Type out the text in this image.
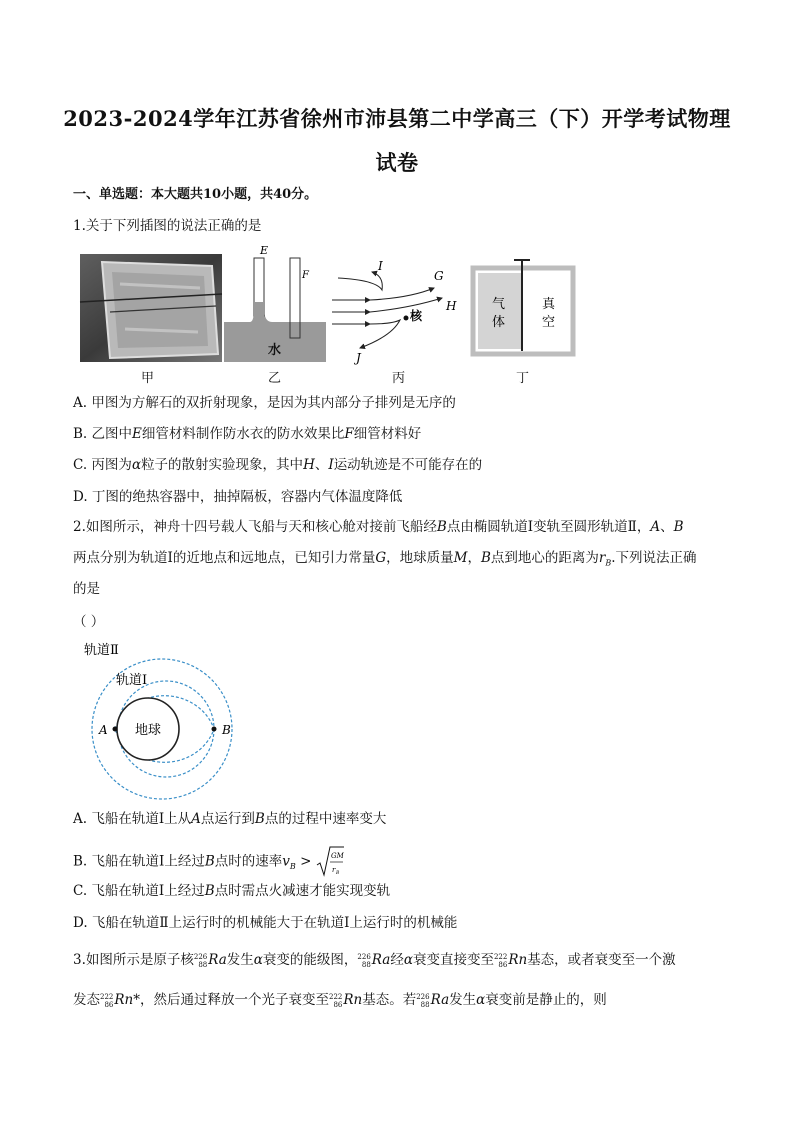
2023-2024学年江苏省徐州市沛县第二中学高三（下）开学考试物理
试卷
一、单选题：本大题共10小题，共40分。
1.关于下列插图的说法正确的是
甲
E
F
水
乙
I
G
H
J
核
丙
气
体
真
空
丁
A. 甲图为方解石的双折射现象，是因为其内部分子排列是无序的
B. 乙图中E细管材料制作防水衣的防水效果比F细管材料好
C. 丙图为α粒子的散射实验现象，其中H、I运动轨迹是不可能存在的
D. 丁图的绝热容器中，抽掉隔板，容器内气体温度降低
2.如图所示，神舟十四号载人飞船与天和核心舱对接前飞船经B点由椭圆轨道Ⅰ变轨至圆形轨道Ⅱ，A、B
两点分别为轨道Ⅰ的近地点和远地点，已知引力常量G，地球质量M，B点到地心的距离为$r_B$.下列说法正确
的是
（ ）
轨道Ⅱ
轨道Ⅰ
地球
A	B
A. 飞船在轨道Ⅰ上从A点运行到B点的过程中速率变大
B. 飞船在轨道Ⅰ上经过B点时的速率$v_B$ > GM
r B
C. 飞船在轨道Ⅰ上经过B点时需点火减速才能实现变轨
D. 飞船在轨道Ⅱ上运行时的机械能大于在轨道Ⅰ上运行时的机械能
3.如图所示是原子核226
88Ra发生α衰变的能级图，226
88Ra经α衰变直接变至222
86Rn基态，或者衰变至一个激
发态222
86Rn*，然后通过释放一个光子衰变至222
86Rn基态。若226
88Ra发生α衰变前是静止的，则
